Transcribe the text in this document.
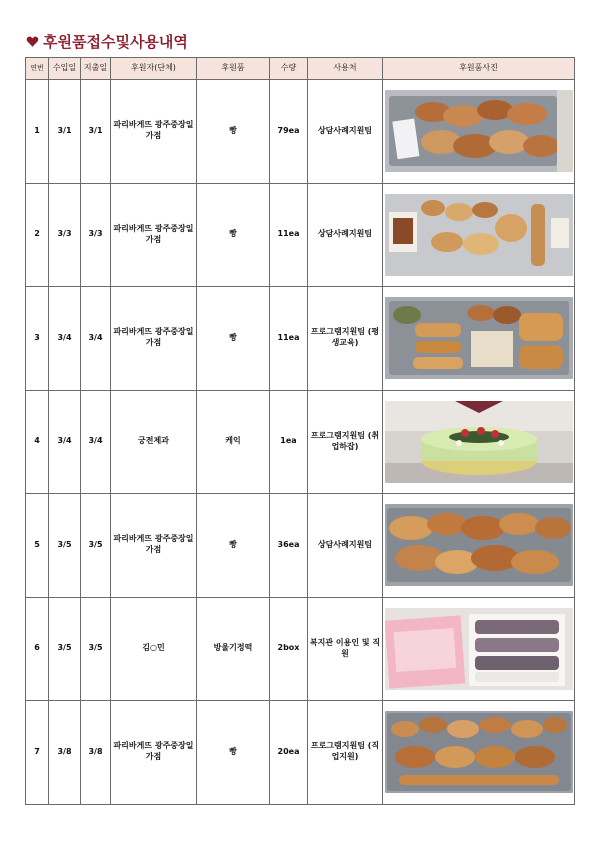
후원품접수및사용내역
연번	수입일	지출일	후원자(단체)	후원품	수량	사용처	후원품사진
1	3/1	3/1	파리바게뜨 광주중장일가점	빵	79ea	상담사례지원팀	

2	3/3	3/3	파리바게뜨 광주중장일가점	빵	11ea	상담사례지원팀	

3	3/4	3/4	파리바게뜨 광주중장일가점	빵	11ea	프로그램지원팀 (평생교육)	

4	3/4	3/4	궁전제과	케익	1ea	프로그램지원팀 (취업하잡)	

5	3/5	3/5	파리바게뜨 광주중장일가점	빵	36ea	상담사례지원팀	

6	3/5	3/5	김○민	방울기정떡	2box	복지관 이용인 및 직원	

7	3/8	3/8	파리바게뜨 광주중장일가점	빵	20ea	프로그램지원팀 (직업지원)	
